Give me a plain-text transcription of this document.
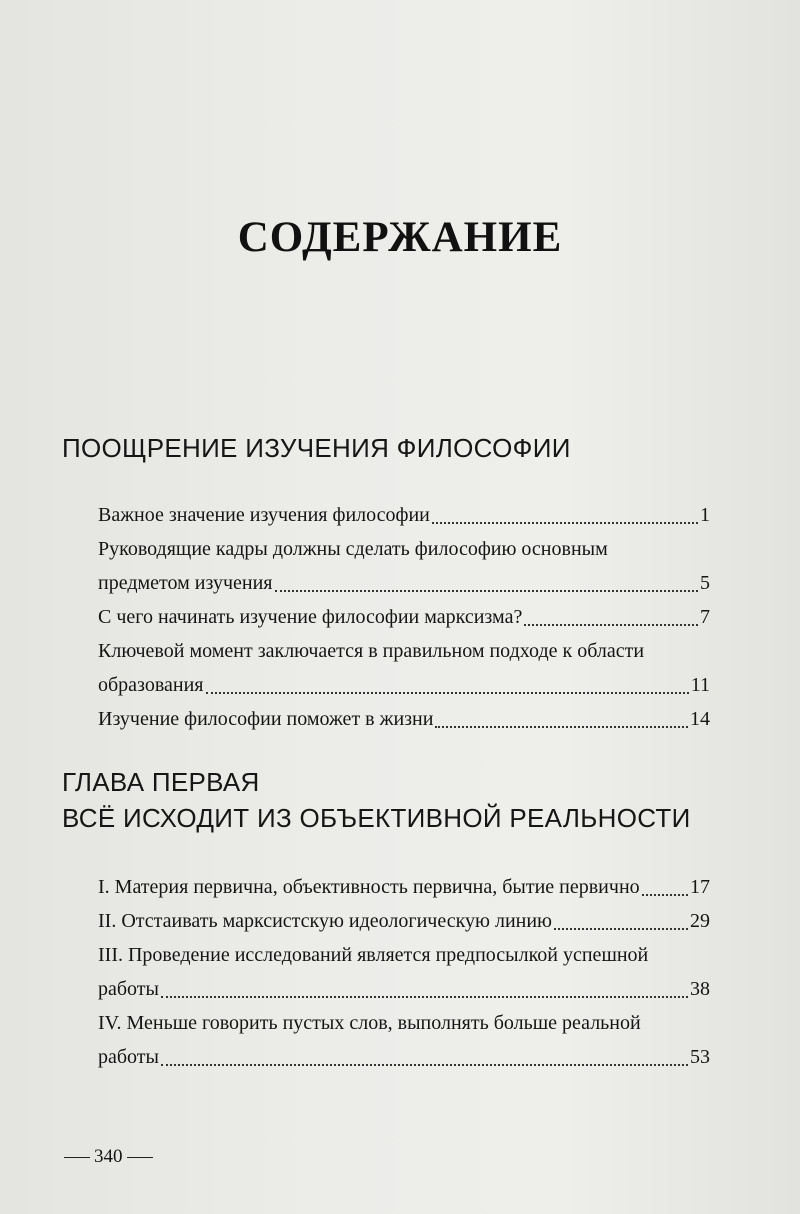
СОДЕРЖАНИЕ
ПООЩРЕНИЕ ИЗУЧЕНИЯ ФИЛОСОФИИ
Важное значение изучения философии	1
Руководящие кадры должны сделать философию основным
предметом изучения	5
С чего начинать изучение философии марксизма?	7
Ключевой момент заключается в правильном подходе к области
образования	11
Изучение философии поможет в жизни	14
ГЛАВА ПЕРВАЯ
ВСЁ ИСХОДИТ ИЗ ОБЪЕКТИВНОЙ РЕАЛЬНОСТИ
I. Материя первична, объективность первична, бытие первично	17
II. Отстаивать марксистскую идеологическую линию	29
III. Проведение исследований является предпосылкой успешной
работы	38
IV. Меньше говорить пустых слов, выполнять больше реальной
работы	53
340
